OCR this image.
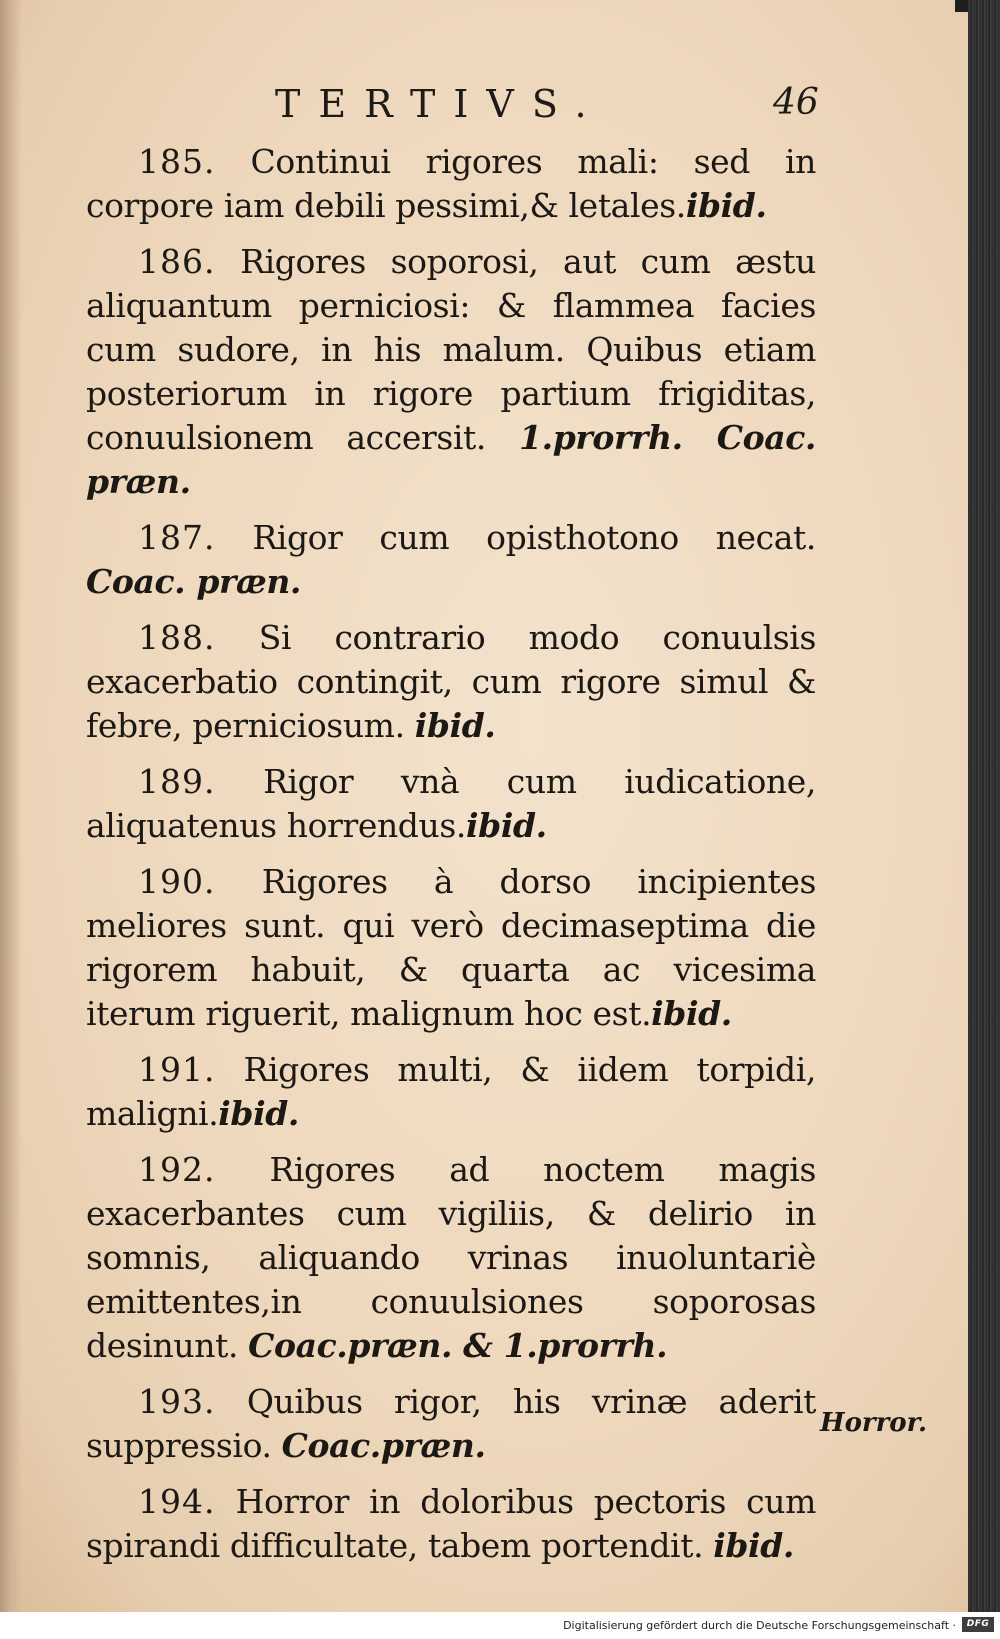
TERTIVS.	46

185. Continui rigores mali: sed in corpore iam debili pessimi,& letales.ibid.

186. Rigores soporosi, aut cum æstu aliquantum perniciosi: & flammea facies cum sudore, in his malum. Quibus etiam posteriorum in rigore partium frigiditas, conuulsionem accersit. 1.prorrh. Coac. præn.

187. Rigor cum opisthotono necat. Coac. præn.

188. Si contrario modo conuulsis exacerbatio contingit, cum rigore simul & febre, perniciosum. ibid.

189. Rigor vnà cum iudicatione, aliquatenus horrendus.ibid.

190. Rigores à dorso incipientes meliores sunt. qui verò decimaseptima die rigorem habuit, & quarta ac vicesima iterum riguerit, malignum hoc est.ibid.

191. Rigores multi, & iidem torpidi, maligni.ibid.

192. Rigores ad noctem magis exacerbantes cum vigiliis, & delirio in somnis, aliquando vrinas inuoluntariè emittentes,in conuulsiones soporosas desinunt. Coac.præn. & 1.prorrh.

193. Quibus rigor, his vrinæ aderit suppressio. Coac.præn.

194. Horror in doloribus pectoris cum spirandi difficultate, tabem portendit. ibid.

Horror.
Digitalisierung gefördert durch die Deutsche Forschungsgemeinschaft ·	DFG
